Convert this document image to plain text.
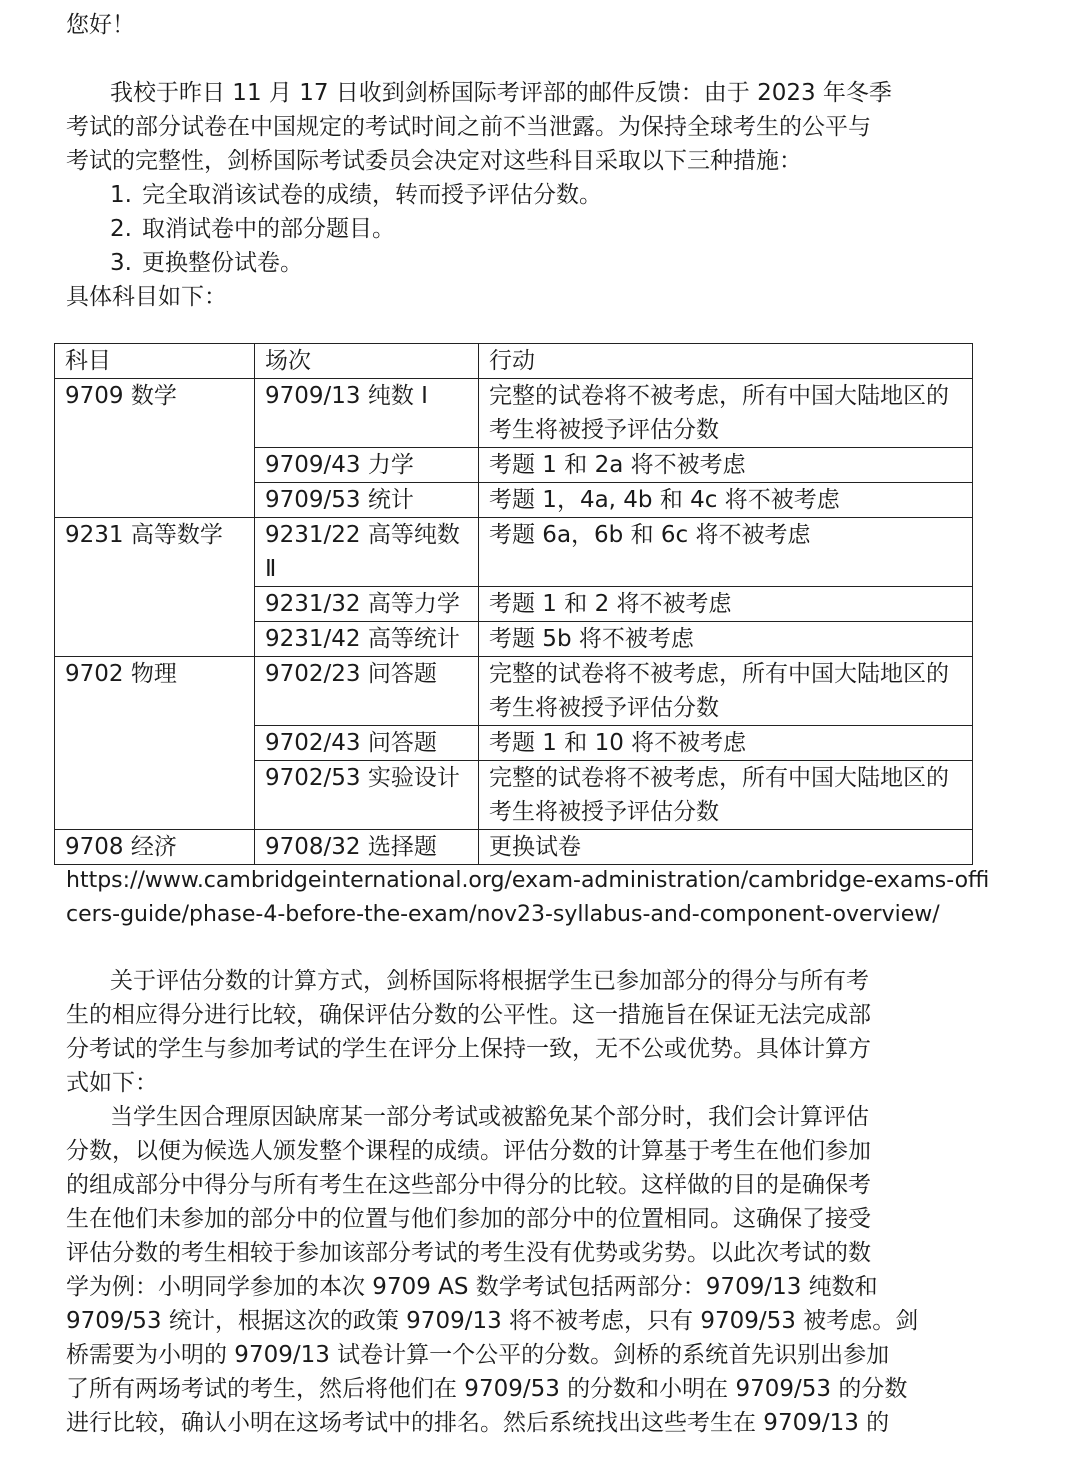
您好！

我校于昨日 11 月 17 日收到剑桥国际考评部的邮件反馈：由于 2023 年冬季

考试的部分试卷在中国规定的考试时间之前不当泄露。为保持全球考生的公平与

考试的完整性，剑桥国际考试委员会决定对这些科目采取以下三种措施：

1. 完全取消该试卷的成绩，转而授予评估分数。
2. 取消试卷中的部分题目。
3. 更换整份试卷。

具体科目如下：

科目	场次	行动
9709 数学	9709/13 纯数 Ⅰ	完整的试卷将不被考虑，所有中国大陆地区的考生将被授予评估分数
	9709/43 力学	考题 1 和 2a 将不被考虑
	9709/53 统计	考题 1，4a, 4b 和 4c 将不被考虑
9231 高等数学	9231/22 高等纯数 Ⅱ	考题 6a，6b 和 6c 将不被考虑
	9231/32 高等力学	考题 1 和 2 将不被考虑
	9231/42 高等统计	考题 5b 将不被考虑
9702 物理	9702/23 问答题	完整的试卷将不被考虑，所有中国大陆地区的考生将被授予评估分数
	9702/43 问答题	考题 1 和 10 将不被考虑
	9702/53 实验设计	完整的试卷将不被考虑，所有中国大陆地区的考生将被授予评估分数
9708 经济	9708/32 选择题	更换试卷
https://www.cambridgeinternational.org/exam-administration/cambridge-exams-offi
cers-guide/phase-4-before-the-exam/nov23-syllabus-and-component-overview/

关于评估分数的计算方式，剑桥国际将根据学生已参加部分的得分与所有考

生的相应得分进行比较，确保评估分数的公平性。这一措施旨在保证无法完成部

分考试的学生与参加考试的学生在评分上保持一致，无不公或优势。具体计算方

式如下：

当学生因合理原因缺席某一部分考试或被豁免某个部分时，我们会计算评估

分数，以便为候选人颁发整个课程的成绩。评估分数的计算基于考生在他们参加

的组成部分中得分与所有考生在这些部分中得分的比较。这样做的目的是确保考

生在他们未参加的部分中的位置与他们参加的部分中的位置相同。这确保了接受

评估分数的考生相较于参加该部分考试的考生没有优势或劣势。以此次考试的数

学为例：小明同学参加的本次 9709 AS 数学考试包括两部分：9709/13 纯数和

9709/53 统计，根据这次的政策 9709/13 将不被考虑，只有 9709/53 被考虑。剑

桥需要为小明的 9709/13 试卷计算一个公平的分数。剑桥的系统首先识别出参加

了所有两场考试的考生，然后将他们在 9709/53 的分数和小明在 9709/53 的分数

进行比较，确认小明在这场考试中的排名。然后系统找出这些考生在 9709/13 的
